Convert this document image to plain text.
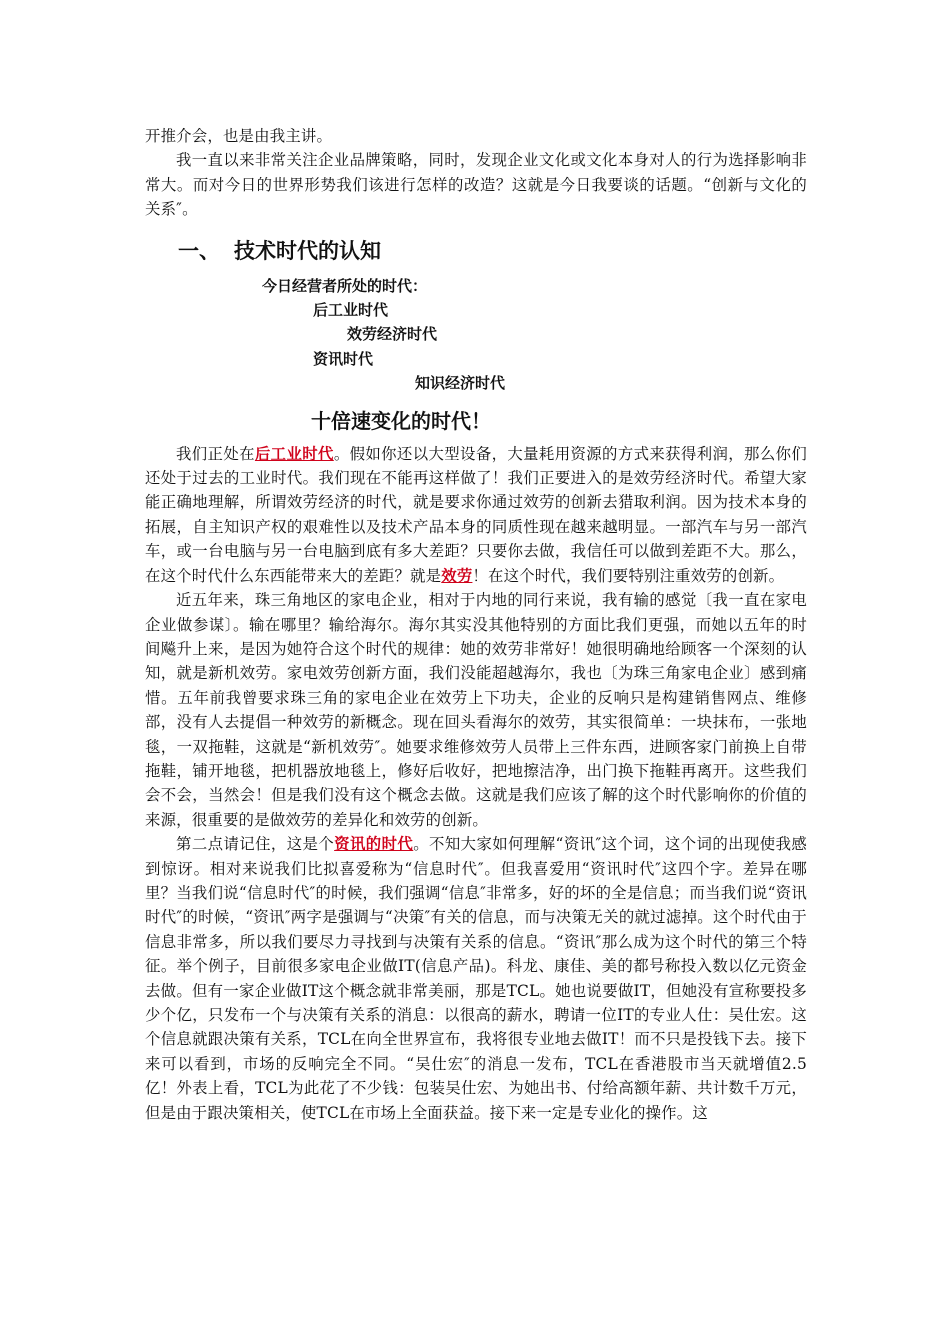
开推介会，也是由我主讲。

我一直以来非常关注企业品牌策略，同时，发现企业文化或文化本身对人的行为选择影响非常大。而对今日的世界形势我们该进行怎样的改造？这就是今日我要谈的话题。“创新与文化的关系″。

一、 技术时代的认知

今日经营者所处的时代：

后工业时代

效劳经济时代

资讯时代

知识经济时代

十倍速变化的时代！

我们正处在后工业时代。假如你还以大型设备，大量耗用资源的方式来获得利润，那么你们还处于过去的工业时代。我们现在不能再这样做了！我们正要进入的是效劳经济时代。希望大家能正确地理解，所谓效劳经济的时代，就是要求你通过效劳的创新去猎取利润。因为技术本身的拓展，自主知识产权的艰难性以及技术产品本身的同质性现在越来越明显。一部汽车与另一部汽车，或一台电脑与另一台电脑到底有多大差距？只要你去做，我信任可以做到差距不大。那么，在这个时代什么东西能带来大的差距？就是效劳！在这个时代，我们要特别注重效劳的创新。

近五年来，珠三角地区的家电企业，相对于内地的同行来说，我有输的感觉〔我一直在家电企业做参谋〕。输在哪里？输给海尔。海尔其实没其他特别的方面比我们更强，而她以五年的时间飚升上来，是因为她符合这个时代的规律：她的效劳非常好！她很明确地给顾客一个深刻的认知，就是新机效劳。家电效劳创新方面，我们没能超越海尔，我也〔为珠三角家电企业〕感到痛惜。五年前我曾要求珠三角的家电企业在效劳上下功夫，企业的反响只是构建销售网点、维修部，没有人去提倡一种效劳的新概念。现在回头看海尔的效劳，其实很简单：一块抹布，一张地毯，一双拖鞋，这就是“新机效劳″。她要求维修效劳人员带上三件东西，进顾客家门前换上自带拖鞋，铺开地毯，把机器放地毯上，修好后收好，把地擦洁净，出门换下拖鞋再离开。这些我们会不会，当然会！但是我们没有这个概念去做。这就是我们应该了解的这个时代影响你的价值的来源，很重要的是做效劳的差异化和效劳的创新。

第二点请记住，这是个资讯的时代。不知大家如何理解“资讯″这个词，这个词的出现使我感到惊讶。相对来说我们比拟喜爱称为“信息时代″。但我喜爱用“资讯时代″这四个字。差异在哪里？当我们说“信息时代″的时候，我们强调“信息″非常多，好的坏的全是信息；而当我们说“资讯时代″的时候，“资讯″两字是强调与“决策″有关的信息，而与决策无关的就过滤掉。这个时代由于信息非常多，所以我们要尽力寻找到与决策有关系的信息。“资讯″那么成为这个时代的第三个特征。举个例子，目前很多家电企业做IT(信息产品)。科龙、康佳、美的都号称投入数以亿元资金去做。但有一家企业做IT这个概念就非常美丽，那是TCL。她也说要做IT，但她没有宣称要投多少个亿，只发布一个与决策有关系的消息：以很高的薪水，聘请一位IT的专业人仕：吴仕宏。这个信息就跟决策有关系，TCL在向全世界宣布，我将很专业地去做IT！而不只是投钱下去。接下来可以看到，市场的反响完全不同。“吴仕宏″的消息一发布，TCL在香港股市当天就增值2.5亿！外表上看，TCL为此花了不少钱：包装吴仕宏、为她出书、付给高额年薪、共计数千万元，但是由于跟决策相关，使TCL在市场上全面获益。接下来一定是专业化的操作。这
